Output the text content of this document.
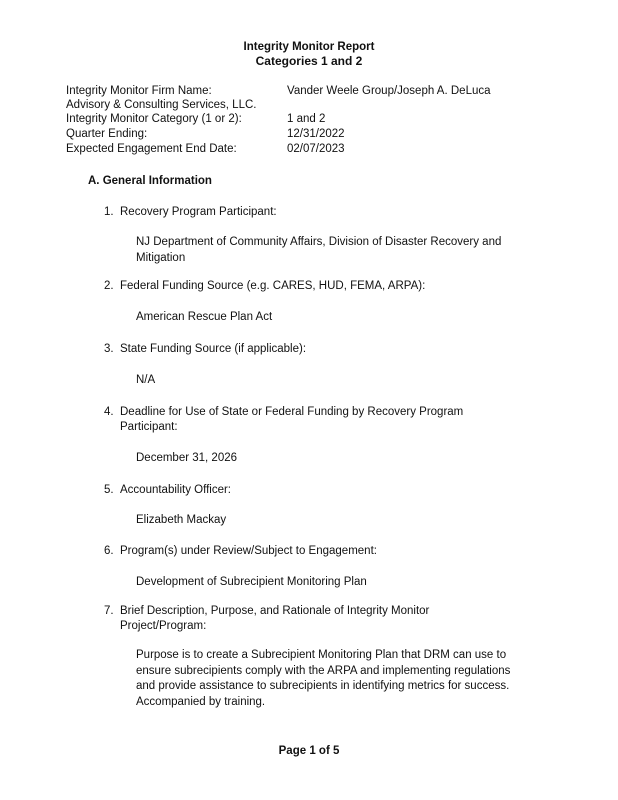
Integrity Monitor Report
Categories 1 and 2
Integrity Monitor Firm Name:	Vander Weele Group/Joseph A. DeLuca
Advisory & Consulting Services, LLC.
Integrity Monitor Category (1 or 2):	1 and 2
Quarter Ending:	12/31/2022
Expected Engagement End Date:	02/07/2023
A. General Information
1. Recovery Program Participant:
NJ Department of Community Affairs, Division of Disaster Recovery and Mitigation
2. Federal Funding Source (e.g. CARES, HUD, FEMA, ARPA):
American Rescue Plan Act
3. State Funding Source (if applicable):
N/A
4. Deadline for Use of State or Federal Funding by Recovery Program Participant:
December 31, 2026
5. Accountability Officer:
Elizabeth Mackay
6. Program(s) under Review/Subject to Engagement:
Development of Subrecipient Monitoring Plan
7. Brief Description, Purpose, and Rationale of Integrity Monitor Project/Program:
Purpose is to create a Subrecipient Monitoring Plan that DRM can use to ensure subrecipients comply with the ARPA and implementing regulations and provide assistance to subrecipients in identifying metrics for success. Accompanied by training.
Page 1 of 5
